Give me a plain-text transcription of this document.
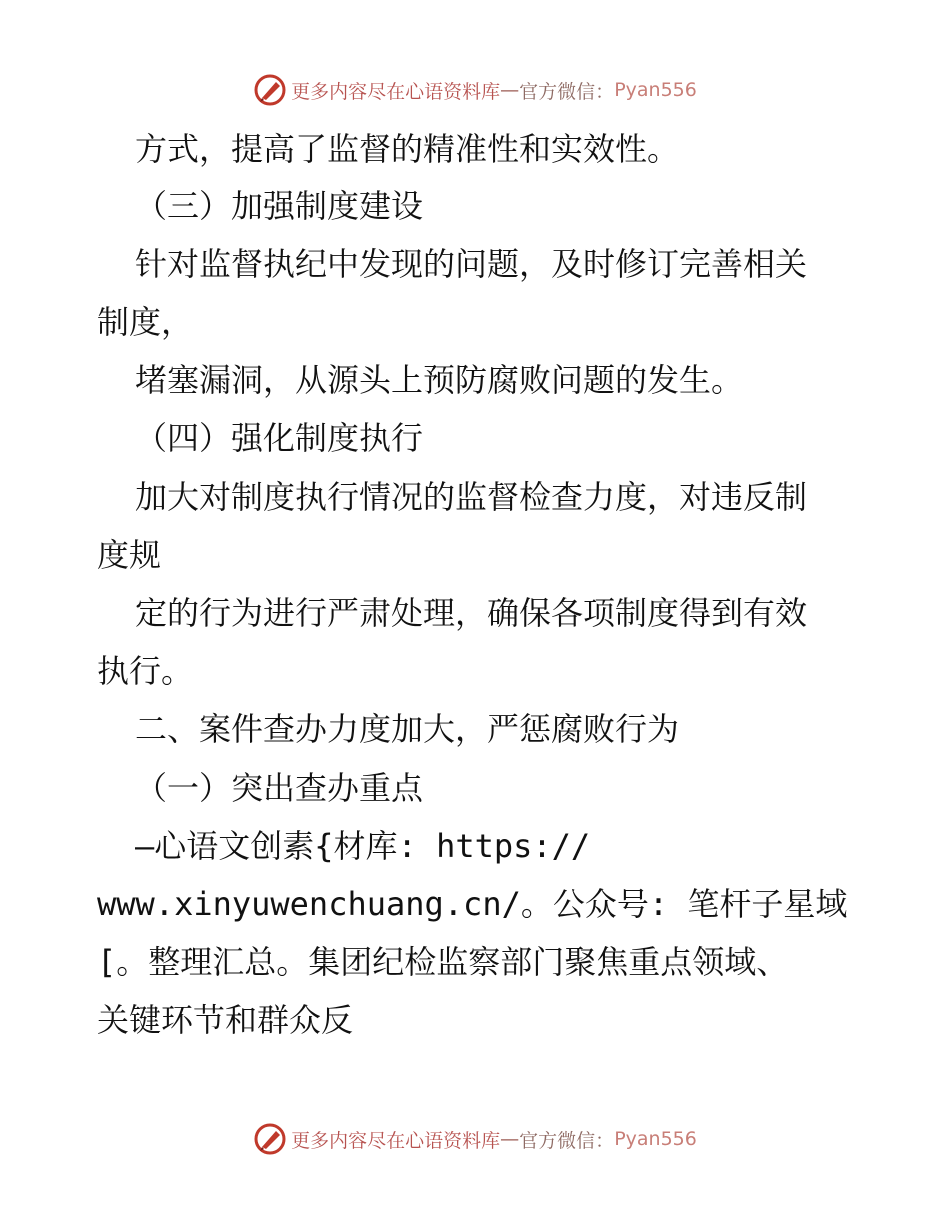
更多内容尽在心语资料库 — 官方微信： Pyan556

方式，提高了监督的精准性和实效性。

（三）加强制度建设

针对监督执纪中发现的问题，及时修订完善相关

制度，

堵塞漏洞，从源头上预防腐败问题的发生。

（四）强化制度执行

加大对制度执行情况的监督检查力度，对违反制

度规

定的行为进行严肃处理，确保各项制度得到有效

执行。

二、案件查办力度加大，严惩腐败行为

（一）突出查办重点

—心语文创素{材库: https://

www.xinyuwenchuang.cn/。公众号: 笔杆子星域

[。整理汇总。集团纪检监察部门聚焦重点领域、

关键环节和群众反

更多内容尽在心语资料库 — 官方微信： Pyan556
